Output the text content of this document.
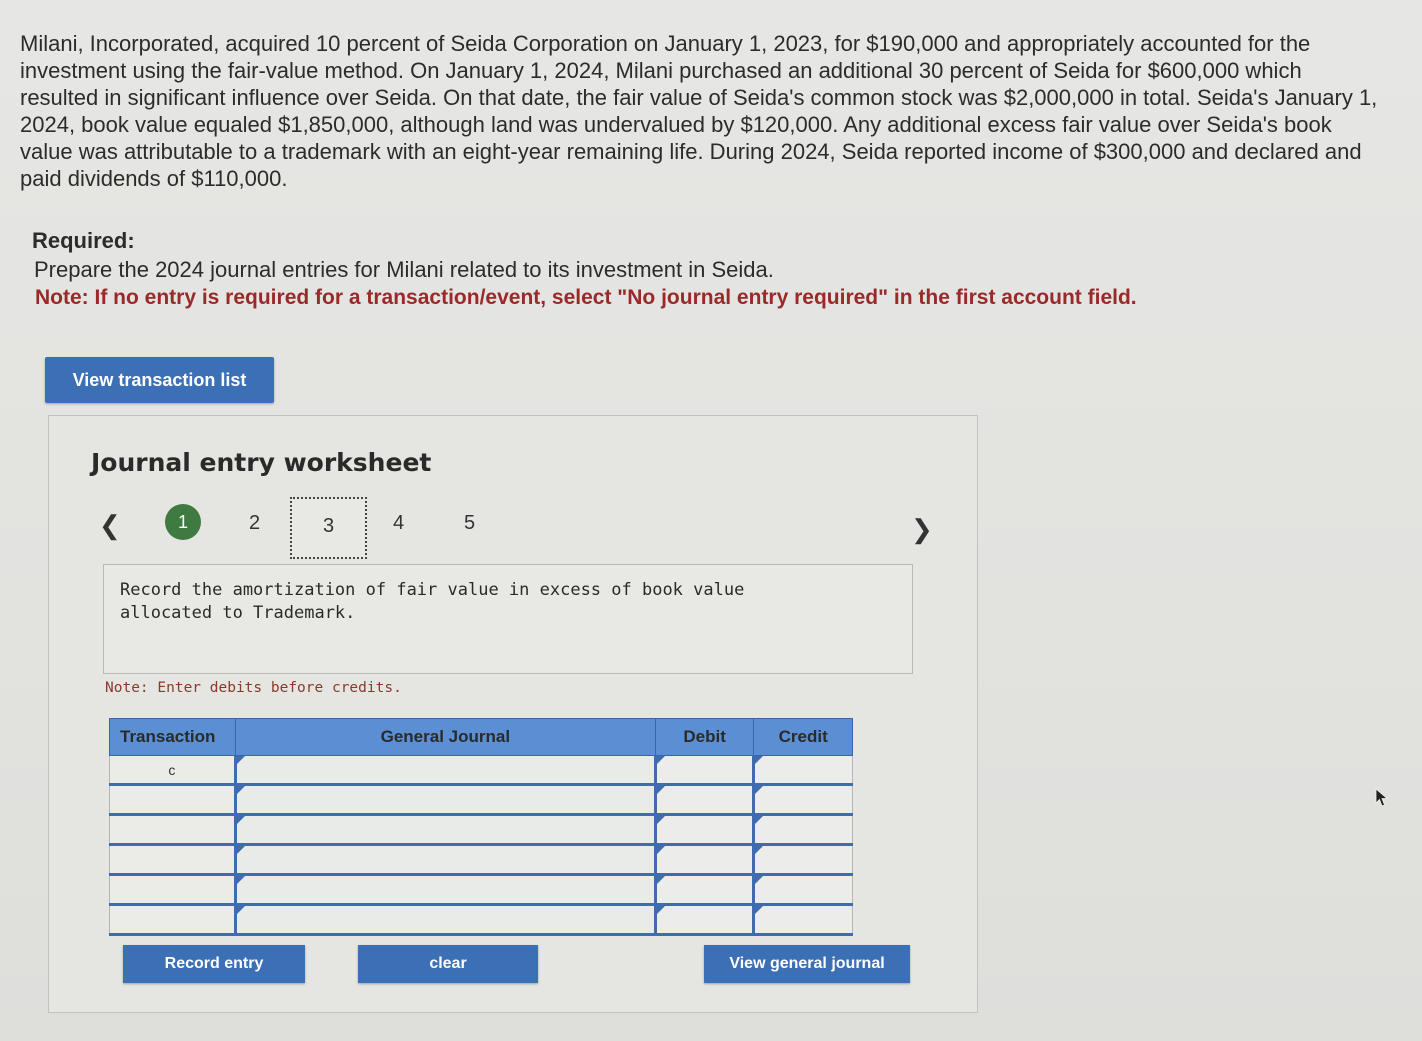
Milani, Incorporated, acquired 10 percent of Seida Corporation on January 1, 2023, for $190,000 and appropriately accounted for the investment using the fair-value method. On January 1, 2024, Milani purchased an additional 30 percent of Seida for $600,000 which resulted in significant influence over Seida. On that date, the fair value of Seida's common stock was $2,000,000 in total. Seida's January 1, 2024, book value equaled $1,850,000, although land was undervalued by $120,000. Any additional excess fair value over Seida's book value was attributable to a trademark with an eight-year remaining life. During 2024, Seida reported income of $300,000 and declared and paid dividends of $110,000.

Required:
Prepare the 2024 journal entries for Milani related to its investment in Seida.
Note: If no entry is required for a transaction/event, select "No journal entry required" in the first account field.
View transaction list
Journal entry worksheet
❮	1	2	3	4	5	❯
Record the amortization of fair value in excess of book value allocated to Trademark.
Note: Enter debits before credits.
Transaction	General Journal	Debit	Credit
c	

Record entry	clear	View general journal
